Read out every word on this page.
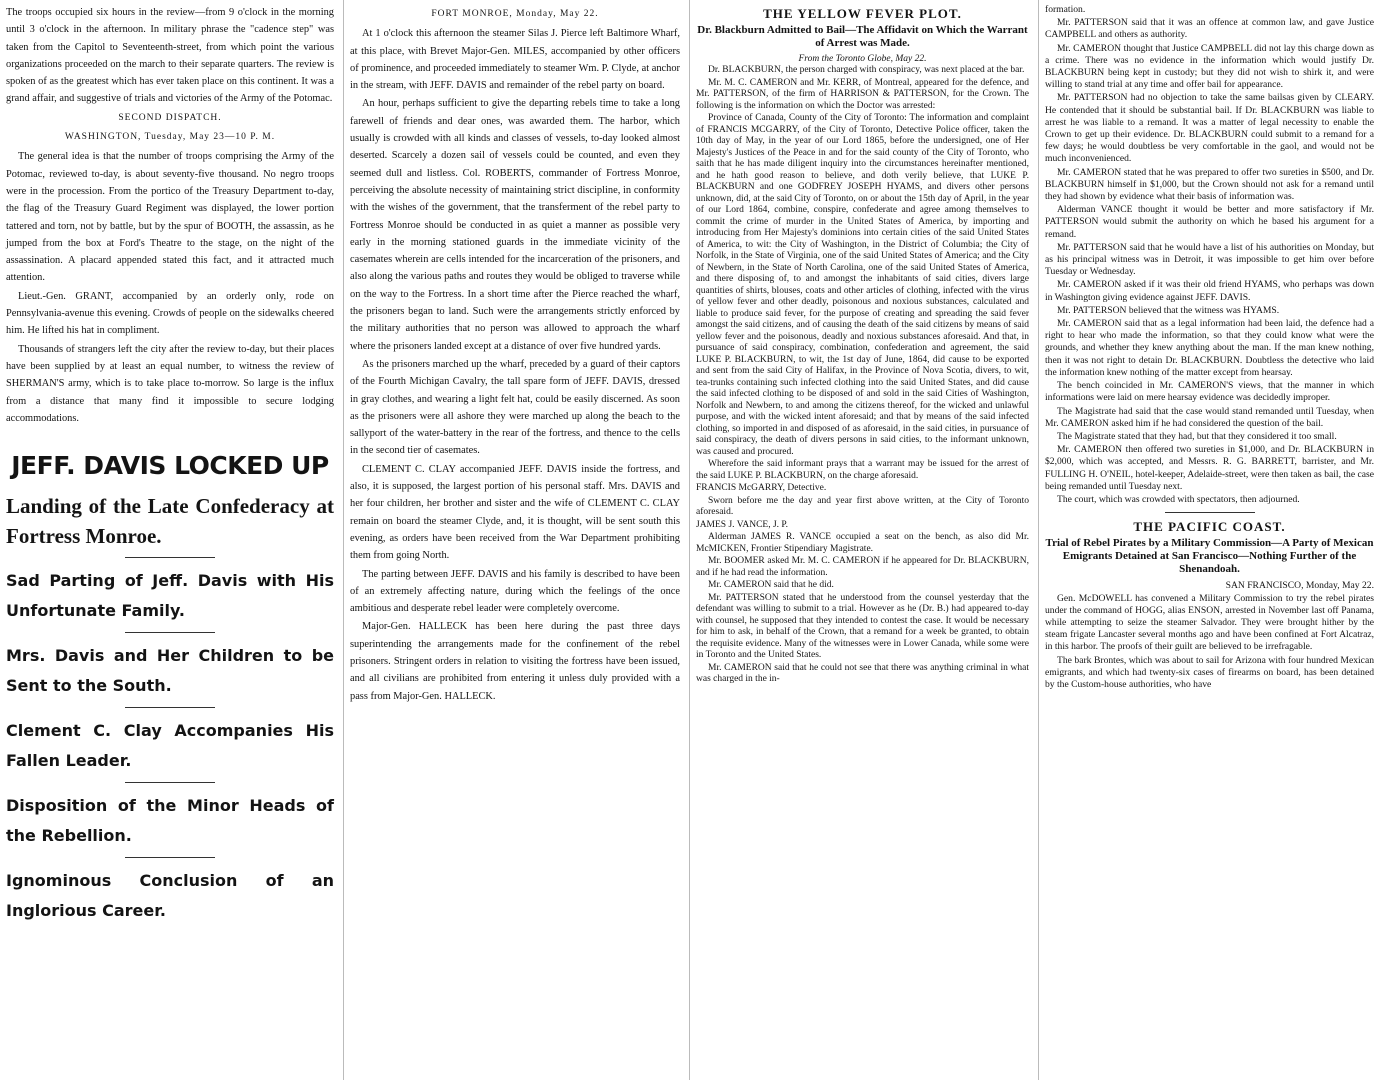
The troops occupied six hours in the review—from 9 o'clock in the morning until 3 o'clock in the afternoon. In military phrase the "cadence step" was taken from the Capitol to Seventeenth-street, from which point the various organizations proceeded on the march to their separate quarters. The review is spoken of as the greatest which has ever taken place on this continent. It was a grand affair, and suggestive of trials and victories of the Army of the Potomac.

SECOND DISPATCH.
WASHINGTON, Tuesday, May 23—10 P. M.

The general idea is that the number of troops comprising the Army of the Potomac, reviewed to-day, is about seventy-five thousand. No negro troops were in the procession. From the portico of the Treasury Department to-day, the flag of the Treasury Guard Regiment was displayed, the lower portion tattered and torn, not by battle, but by the spur of BOOTH, the assassin, as he jumped from the box at Ford's Theatre to the stage, on the night of the assassination. A placard appended stated this fact, and it attracted much attention.

Lieut.-Gen. GRANT, accompanied by an orderly only, rode on Pennsylvania-avenue this evening. Crowds of people on the sidewalks cheered him. He lifted his hat in compliment.

Thousands of strangers left the city after the review to-day, but their places have been supplied by at least an equal number, to witness the review of SHERMAN'S army, which is to take place to-morrow. So large is the influx from a distance that many find it impossible to secure lodging accommodations.

JEFF. DAVIS LOCKED UP

Landing of the Late Confederacy at Fortress Monroe.

Sad Parting of Jeff. Davis with His Unfortunate Family.

Mrs. Davis and Her Children to be Sent to the South.

Clement C. Clay Accompanies His Fallen Leader.

Disposition of the Minor Heads of the Rebellion.

Ignominous Conclusion of an Inglorious Career.

FORT MONROE, Monday, May 22.

At 1 o'clock this afternoon the steamer Silas J. Pierce left Baltimore Wharf, at this place, with Brevet Major-Gen. MILES, accompanied by other officers of prominence, and proceeded immediately to steamer Wm. P. Clyde, at anchor in the stream, with JEFF. DAVIS and remainder of the rebel party on board.

An hour, perhaps sufficient to give the departing rebels time to take a long farewell of friends and dear ones, was awarded them. The harbor, which usually is crowded with all kinds and classes of vessels, to-day looked almost deserted. Scarcely a dozen sail of vessels could be counted, and even they seemed dull and listless. Col. ROBERTS, commander of Fortress Monroe, perceiving the absolute necessity of maintaining strict discipline, in conformity with the wishes of the government, that the transferment of the rebel party to Fortress Monroe should be conducted in as quiet a manner as possible very early in the morning stationed guards in the immediate vicinity of the casemates wherein are cells intended for the incarceration of the prisoners, and also along the various paths and routes they would be obliged to traverse while on the way to the Fortress. In a short time after the Pierce reached the wharf, the prisoners began to land. Such were the arrangements strictly enforced by the military authorities that no person was allowed to approach the wharf where the prisoners landed except at a distance of over five hundred yards.

As the prisoners marched up the wharf, preceded by a guard of their captors of the Fourth Michigan Cavalry, the tall spare form of JEFF. DAVIS, dressed in gray clothes, and wearing a light felt hat, could be easily discerned. As soon as the prisoners were all ashore they were marched up along the beach to the sallyport of the water-battery in the rear of the fortress, and thence to the cells in the second tier of casemates.

CLEMENT C. CLAY accompanied JEFF. DAVIS inside the fortress, and also, it is supposed, the largest portion of his personal staff. Mrs. DAVIS and her four children, her brother and sister and the wife of CLEMENT C. CLAY remain on board the steamer Clyde, and, it is thought, will be sent south this evening, as orders have been received from the War Department prohibiting them from going North.

The parting between JEFF. DAVIS and his family is described to have been of an extremely affecting nature, during which the feelings of the once ambitious and desperate rebel leader were completely overcome.

Major-Gen. HALLECK has been here during the past three days superintending the arrangements made for the confinement of the rebel prisoners. Stringent orders in relation to visiting the fortress have been issued, and all civilians are prohibited from entering it unless duly provided with a pass from Major-Gen. HALLECK.

THE YELLOW FEVER PLOT.
Dr. Blackburn Admitted to Bail—The Affidavit on Which the Warrant of Arrest was Made.
From the Toronto Globe, May 22.

Dr. BLACKBURN, the person charged with conspiracy, was next placed at the bar.

Mr. M. C. CAMERON and Mr. KERR, of Montreal, appeared for the defence, and Mr. PATTERSON, of the firm of HARRISON & PATTERSON, for the Crown. The following is the information on which the Doctor was arrested:

Province of Canada, County of the City of Toronto: The information and complaint of FRANCIS MCGARRY, of the City of Toronto, Detective Police officer, taken the 10th day of May, in the year of our Lord 1865, before the undersigned, one of Her Majesty's Justices of the Peace in and for the said county of the City of Toronto, who saith that he has made diligent inquiry into the circumstances hereinafter mentioned, and he hath good reason to believe, and doth verily believe, that LUKE P. BLACKBURN and one GODFREY JOSEPH HYAMS, and divers other persons unknown, did, at the said City of Toronto, on or about the 15th day of April, in the year of our Lord 1864, combine, conspire, confederate and agree among themselves to commit the crime of murder in the United States of America, by importing and introducing from Her Majesty's dominions into certain cities of the said United States of America, to wit: the City of Washington, in the District of Columbia; the City of Norfolk, in the State of Virginia, one of the said United States of America; and the City of Newbern, in the State of North Carolina, one of the said United States of America, and there disposing of, to and amongst the inhabitants of said cities, divers large quantities of shirts, blouses, coats and other articles of clothing, infected with the virus of yellow fever and other deadly, poisonous and noxious substances, calculated and liable to produce said fever, for the purpose of creating and spreading the said fever amongst the said citizens, and of causing the death of the said citizens by means of said yellow fever and the poisonous, deadly and noxious substances aforesaid. And that, in pursuance of said conspiracy, combination, confederation and agreement, the said LUKE P. BLACKBURN, to wit, the 1st day of June, 1864, did cause to be exported and sent from the said City of Halifax, in the Province of Nova Scotia, divers, to wit, tea-trunks containing such infected clothing into the said United States, and did cause the said infected clothing to be disposed of and sold in the said Cities of Washington, Norfolk and Newbern, to and among the citizens thereof, for the wicked and unlawful purpose, and with the wicked intent aforesaid; and that by means of the said infected clothing, so imported in and disposed of as aforesaid, in the said cities, in pursuance of said conspiracy, the death of divers persons in said cities, to the informant unknown, was caused and procured.

Wherefore the said informant prays that a warrant may be issued for the arrest of the said LUKE P. BLACKBURN, on the charge aforesaid.

FRANCIS McGARRY, Detective.

Sworn before me the day and year first above written, at the City of Toronto aforesaid.

JAMES J. VANCE, J. P.

Alderman JAMES R. VANCE occupied a seat on the bench, as also did Mr. McMICKEN, Frontier Stipendiary Magistrate.

Mr. BOOMER asked Mr. M. C. CAMERON if he appeared for Dr. BLACKBURN, and if he had read the information.

Mr. CAMERON said that he did.

Mr. PATTERSON stated that he understood from the counsel yesterday that the defendant was willing to submit to a trial. However as he (Dr. B.) had appeared to-day with counsel, he supposed that they intended to contest the case. It would be necessary for him to ask, in behalf of the Crown, that a remand for a week be granted, to obtain the requisite evidence. Many of the witnesses were in Lower Canada, while some were in Toronto and the United States.

Mr. CAMERON said that he could not see that there was anything criminal in what was charged in the in-

formation.

Mr. PATTERSON said that it was an offence at common law, and gave Justice CAMPBELL and others as authority.

Mr. CAMERON thought that Justice CAMPBELL did not lay this charge down as a crime. There was no evidence in the information which would justify Dr. BLACKBURN being kept in custody; but they did not wish to shirk it, and were willing to stand trial at any time and offer bail for appearance.

Mr. PATTERSON had no objection to take the same bailsas given by CLEARY. He contended that it should be substantial bail. If Dr. BLACKBURN was liable to arrest he was liable to a remand. It was a matter of legal necessity to enable the Crown to get up their evidence. Dr. BLACKBURN could submit to a remand for a few days; he would doubtless be very comfortable in the gaol, and would not be much inconvenienced.

Mr. CAMERON stated that he was prepared to offer two sureties in $500, and Dr. BLACKBURN himself in $1,000, but the Crown should not ask for a remand until they had shown by evidence what their basis of information was.

Alderman VANCE thought it would be better and more satisfactory if Mr. PATTERSON would submit the authority on which he based his argument for a remand.

Mr. PATTERSON said that he would have a list of his authorities on Monday, but as his principal witness was in Detroit, it was impossible to get him over before Tuesday or Wednesday.

Mr. CAMERON asked if it was their old friend HYAMS, who perhaps was down in Washington giving evidence against JEFF. DAVIS.

Mr. PATTERSON believed that the witness was HYAMS.

Mr. CAMERON said that as a legal information had been laid, the defence had a right to hear who made the information, so that they could know what were the grounds, and whether they knew anything about the man. If the man knew nothing, then it was not right to detain Dr. BLACKBURN. Doubtless the detective who laid the information knew nothing of the matter except from hearsay.

The bench coincided in Mr. CAMERON'S views, that the manner in which informations were laid on mere hearsay evidence was decidedly improper.

The Magistrate had said that the case would stand remanded until Tuesday, when Mr. CAMERON asked him if he had considered the question of the bail.

The Magistrate stated that they had, but that they considered it too small.

Mr. CAMERON then offered two sureties in $1,000, and Dr. BLACKBURN in $2,000, which was accepted, and Messrs. R. G. BARRETT, barrister, and Mr. FULLING H. O'NEIL, hotel-keeper, Adelaide-street, were then taken as bail, the case being remanded until Tuesday next.

The court, which was crowded with spectators, then adjourned.

THE PACIFIC COAST.
Trial of Rebel Pirates by a Military Commission—A Party of Mexican Emigrants Detained at San Francisco—Nothing Further of the Shenandoah.
SAN FRANCISCO, Monday, May 22.

Gen. McDOWELL has convened a Military Commission to try the rebel pirates under the command of HOGG, alias ENSON, arrested in November last off Panama, while attempting to seize the steamer Salvador. They were brought hither by the steam frigate Lancaster several months ago and have been confined at Fort Alcatraz, in this harbor. The proofs of their guilt are believed to be irrefragable.

The bark Brontes, which was about to sail for Arizona with four hundred Mexican emigrants, and which had twenty-six cases of firearms on board, has been detained by the Custom-house authorities, who have
